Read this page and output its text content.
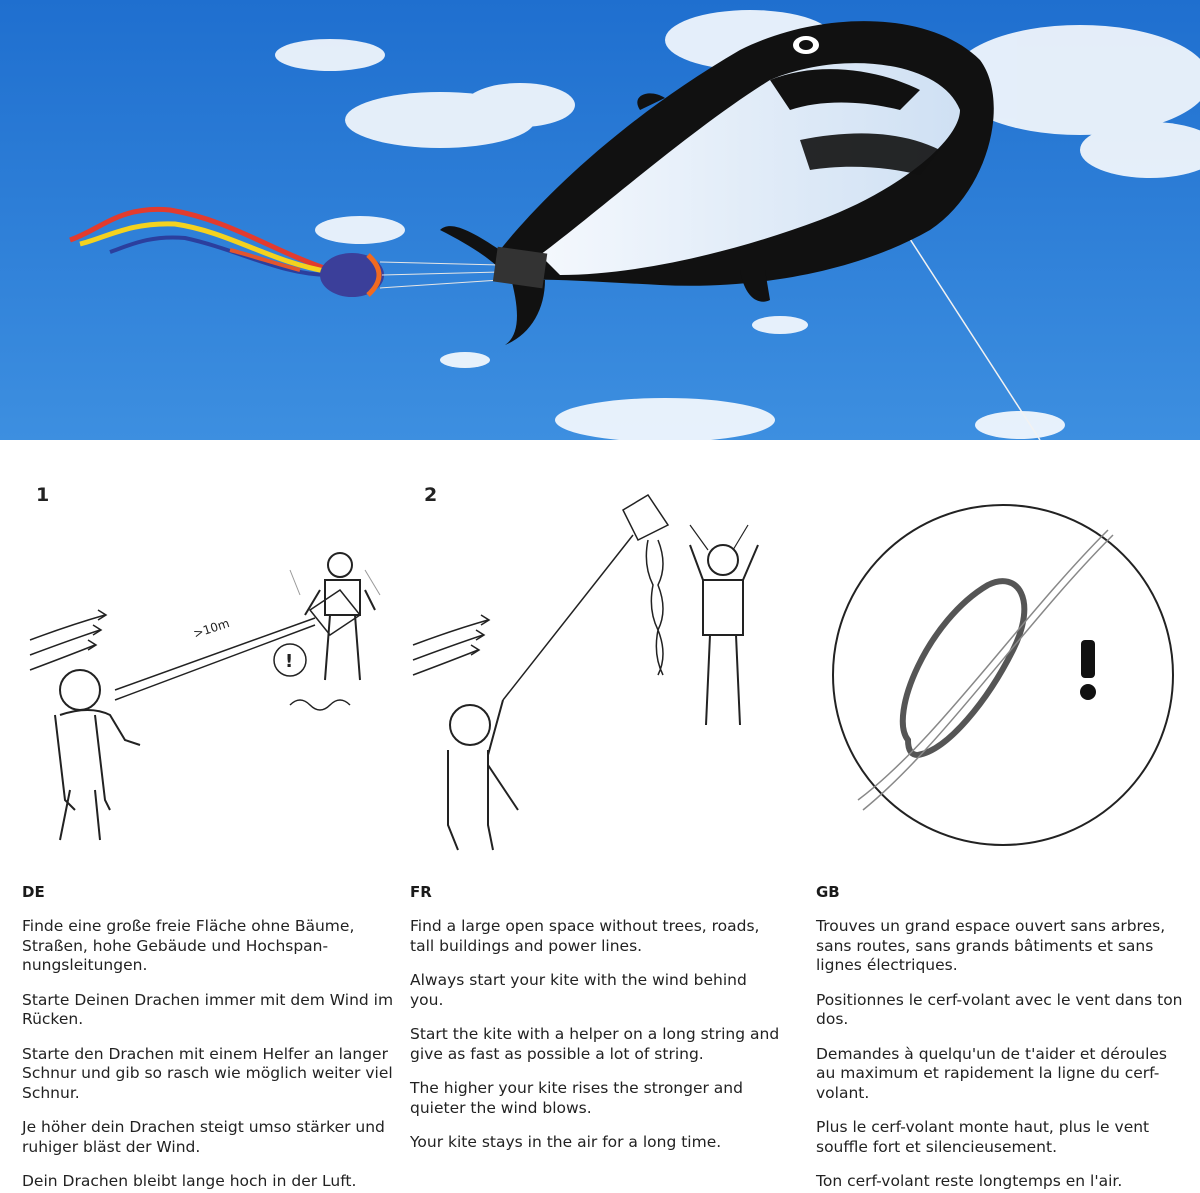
1	2
>10m
!
DE

Finde eine große freie Fläche ohne Bäume, Straßen, hohe Gebäude und Hochspan-nungsleitungen.

Starte Deinen Drachen immer mit dem Wind im Rücken.

Starte den Drachen mit einem Helfer an langer Schnur und gib so rasch wie möglich weiter viel Schnur.

Je höher dein Drachen steigt umso stärker und ruhiger bläst der Wind.

Dein Drachen bleibt lange hoch in der Luft.

FR

Find a large open space without trees, roads, tall buildings and power lines.

Always start your kite with the wind behind you.

Start the kite with a helper on a long string and give as fast as possible a lot of string.

The higher your kite rises the stronger and quieter the wind blows.

Your kite stays in the air for a long time.

GB

Trouves un grand espace ouvert sans arbres, sans routes, sans grands bâtiments et sans lignes électriques.

Positionnes le cerf-volant avec le vent dans ton dos.

Demandes à quelqu'un de t'aider et déroules au maximum et rapidement la ligne du cerf-volant.

Plus le cerf-volant monte haut, plus le vent souffle fort et silencieusement.

Ton cerf-volant reste longtemps en l'air.
